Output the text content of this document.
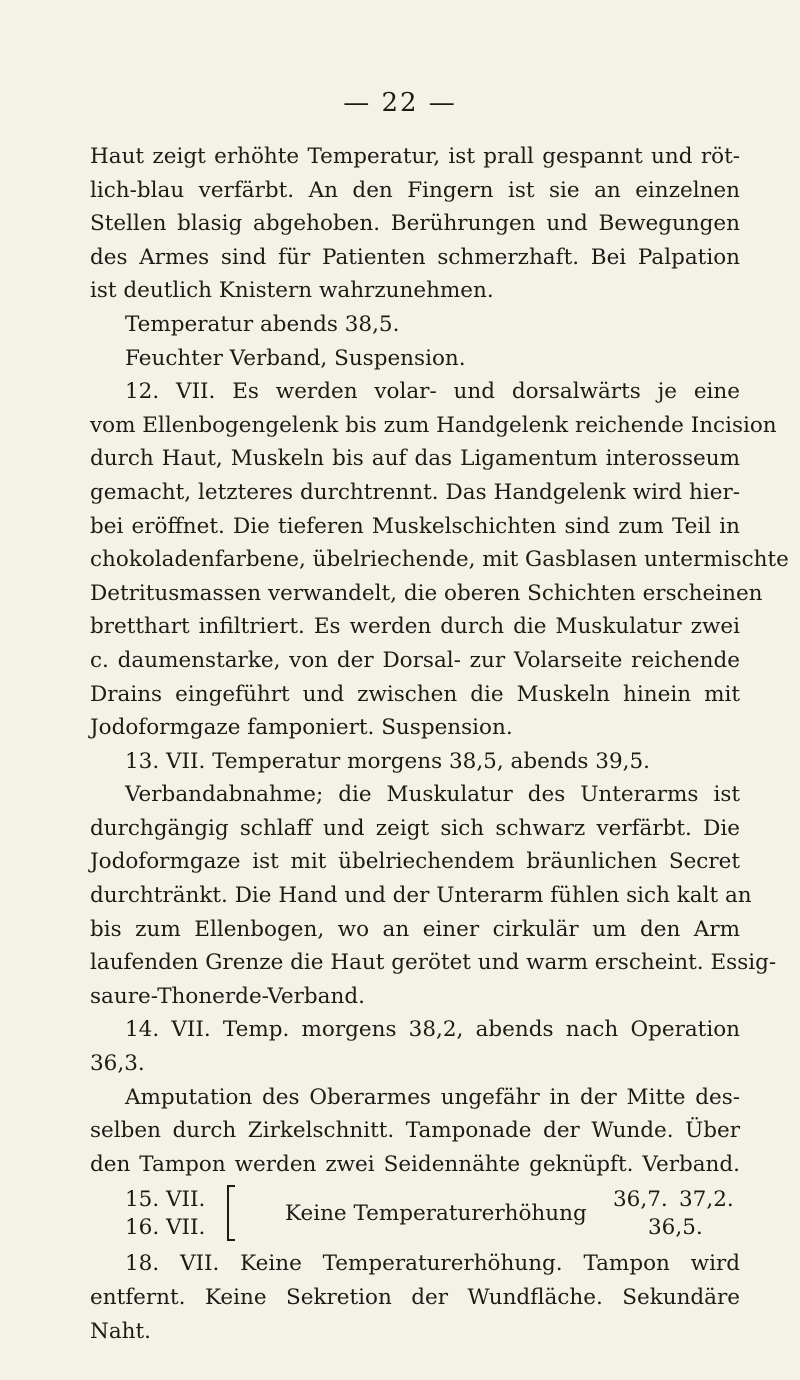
— 22 —
Haut zeigt erhöhte Temperatur, ist prall gespannt und röt-
lich-blau verfärbt. An den Fingern ist sie an einzelnen
Stellen blasig abgehoben. Berührungen und Bewegungen
des Armes sind für Patienten schmerzhaft. Bei Palpation
ist deutlich Knistern wahrzunehmen.
Temperatur abends 38,5.
Feuchter Verband, Suspension.
12. VII. Es werden volar- und dorsalwärts je eine
vom Ellenbogengelenk bis zum Handgelenk reichende Incision
durch Haut, Muskeln bis auf das Ligamentum interosseum
gemacht, letzteres durchtrennt. Das Handgelenk wird hier-
bei eröffnet. Die tieferen Muskelschichten sind zum Teil in
chokoladenfarbene, übelriechende, mit Gasblasen untermischte
Detritusmassen verwandelt, die oberen Schichten erscheinen
bretthart infiltriert. Es werden durch die Muskulatur zwei
c. daumenstarke, von der Dorsal- zur Volarseite reichende
Drains eingeführt und zwischen die Muskeln hinein mit
Jodoformgaze famponiert. Suspension.
13. VII. Temperatur morgens 38,5, abends 39,5.
Verbandabnahme; die Muskulatur des Unterarms ist
durchgängig schlaff und zeigt sich schwarz verfärbt. Die
Jodoformgaze ist mit übelriechendem bräunlichen Secret
durchtränkt. Die Hand und der Unterarm fühlen sich kalt an
bis zum Ellenbogen, wo an einer cirkulär um den Arm
laufenden Grenze die Haut gerötet und warm erscheint. Essig-
saure-Thonerde-Verband.
14. VII. Temp. morgens 38,2, abends nach Operation
36,3.
Amputation des Oberarmes ungefähr in der Mitte des-
selben durch Zirkelschnitt. Tamponade der Wunde. Über
den Tampon werden zwei Seidennähte geknüpft. Verband.
15. VII.
16. VII.
Keine Temperaturerhöhung
36,7. 37,2.
36,5.
18. VII. Keine Temperaturerhöhung. Tampon wird
entfernt. Keine Sekretion der Wundfläche. Sekundäre
Naht.
